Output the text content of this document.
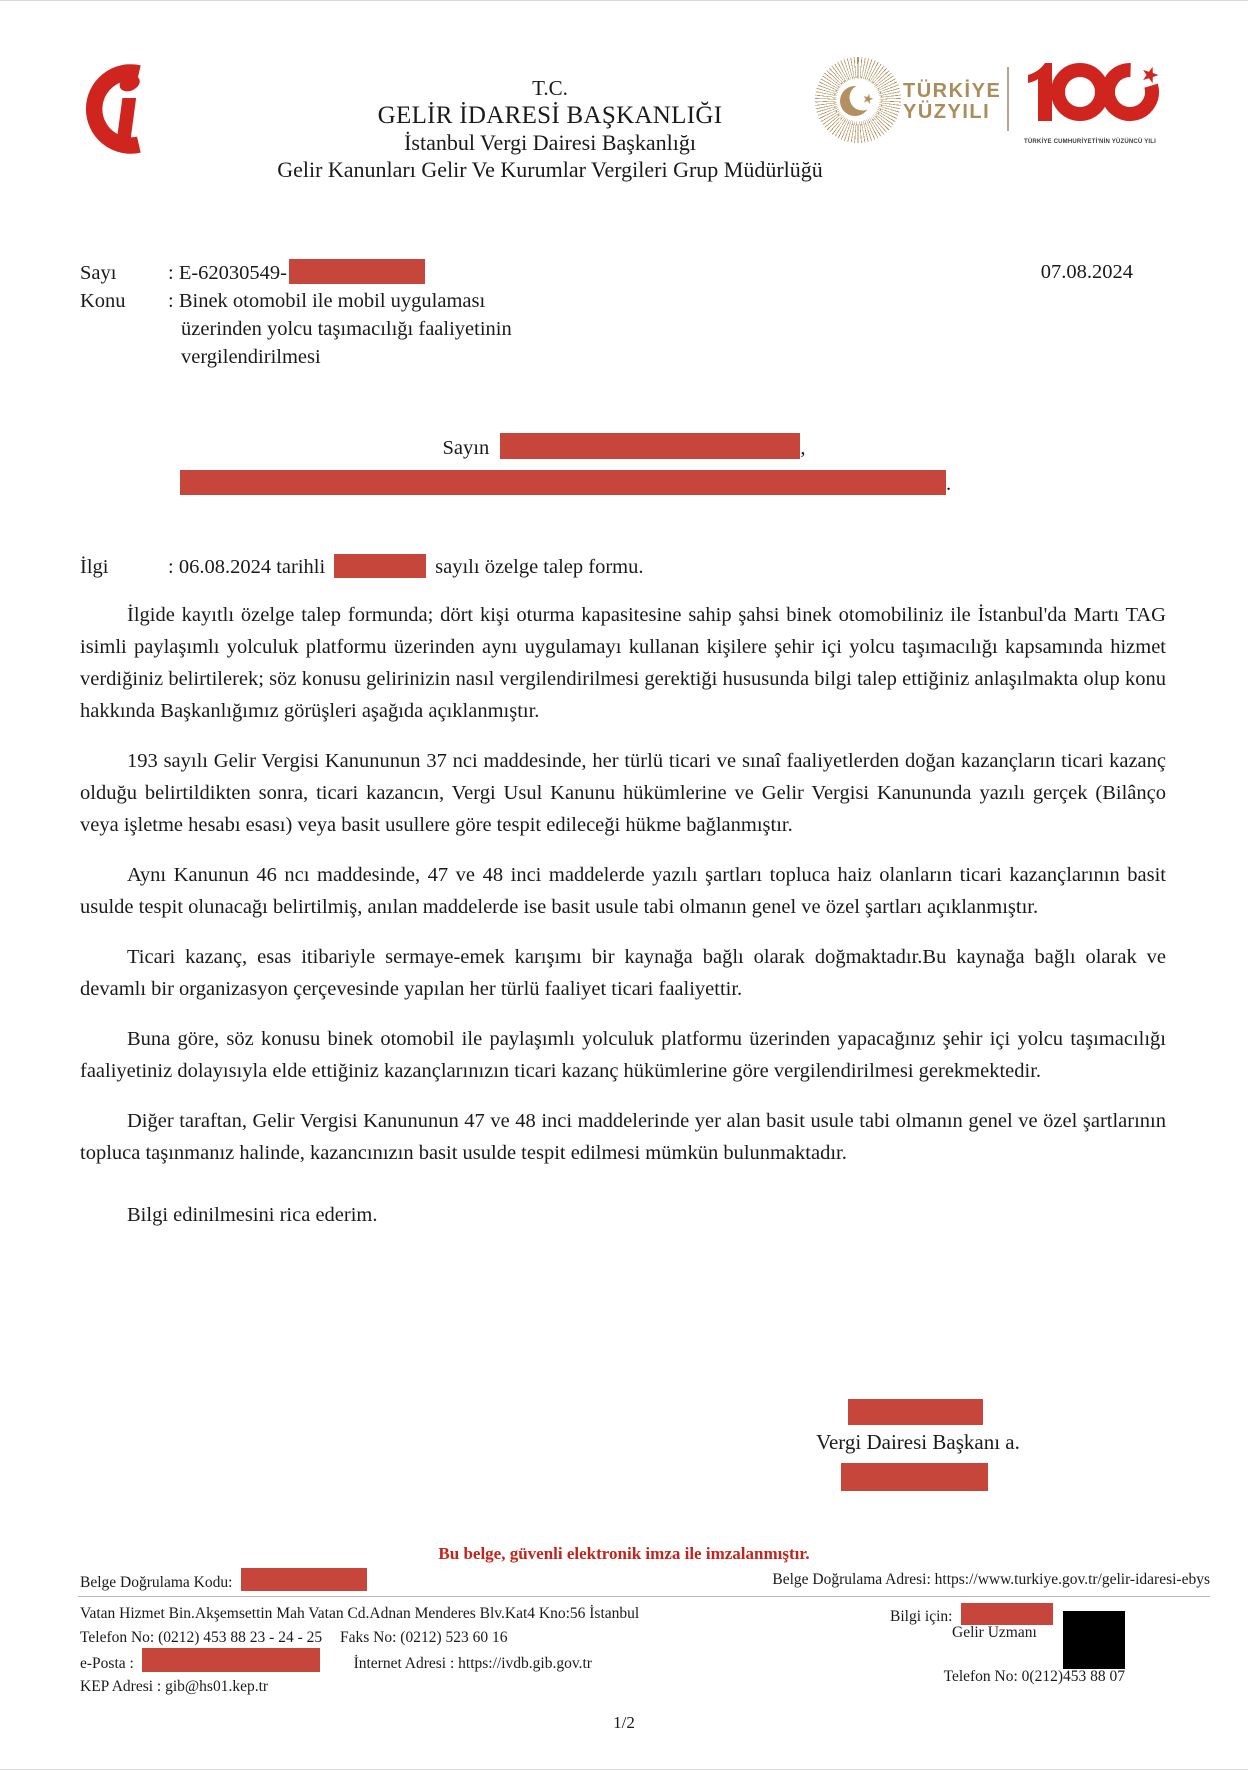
T.C.
GELİR İDARESİ BAŞKANLIĞI
İstanbul Vergi Dairesi Başkanlığı
Gelir Kanunları Gelir Ve Kurumlar Vergileri Grup Müdürlüğü
TÜRKİYE
YÜZYILI
TÜRKİYE CUMHURİYETİ'NİN YÜZÜNCÜ YILI
Sayı	: E-62030549-
Konu : Binek otomobil ile mobil uygulaması
üzerinden yolcu taşımacılığı faaliyetinin
vergilendirilmesi
07.08.2024
Sayın	,
.
İlgi	: 06.08.2024 tarihli	sayılı özelge talep formu.

İlgide kayıtlı özelge talep formunda; dört kişi oturma kapasitesine sahip şahsi binek otomobiliniz ile İstanbul'da Martı TAG isimli paylaşımlı yolculuk platformu üzerinden aynı uygulamayı kullanan kişilere şehir içi yolcu taşımacılığı kapsamında hizmet verdiğiniz belirtilerek; söz konusu gelirinizin nasıl vergilendirilmesi gerektiği hususunda bilgi talep ettiğiniz anlaşılmakta olup konu hakkında Başkanlığımız görüşleri aşağıda açıklanmıştır.

193 sayılı Gelir Vergisi Kanununun 37 nci maddesinde, her türlü ticari ve sınaî faaliyetlerden doğan kazançların ticari kazanç olduğu belirtildikten sonra, ticari kazancın, Vergi Usul Kanunu hükümlerine ve Gelir Vergisi Kanununda yazılı gerçek (Bilânço veya işletme hesabı esası) veya basit usullere göre tespit edileceği hükme bağlanmıştır.

Aynı Kanunun 46 ncı maddesinde, 47 ve 48 inci maddelerde yazılı şartları topluca haiz olanların ticari kazançlarının basit usulde tespit olunacağı belirtilmiş, anılan maddelerde ise basit usule tabi olmanın genel ve özel şartları açıklanmıştır.

Ticari kazanç, esas itibariyle sermaye-emek karışımı bir kaynağa bağlı olarak doğmaktadır.Bu kaynağa bağlı olarak ve devamlı bir organizasyon çerçevesinde yapılan her türlü faaliyet ticari faaliyettir.

Buna göre, söz konusu binek otomobil ile paylaşımlı yolculuk platformu üzerinden yapacağınız şehir içi yolcu taşımacılığı faaliyetiniz dolayısıyla elde ettiğiniz kazançlarınızın ticari kazanç hükümlerine göre vergilendirilmesi gerekmektedir.

Diğer taraftan, Gelir Vergisi Kanununun 47 ve 48 inci maddelerinde yer alan basit usule tabi olmanın genel ve özel şartlarının topluca taşınmanız halinde, kazancınızın basit usulde tespit edilmesi mümkün bulunmaktadır.

Bilgi edinilmesini rica ederim.

Vergi Dairesi Başkanı a.
Bu belge, güvenli elektronik imza ile imzalanmıştır.
Belge Doğrulama Kodu:	Belge Doğrulama Adresi: https://www.turkiye.gov.tr/gelir-idaresi-ebys
Vatan Hizmet Bin.Akşemsettin Mah Vatan Cd.Adnan Menderes Blv.Kat4 Kno:56 İstanbul	Bilgi için:
Telefon No: (0212) 453 88 23 - 24 - 25 Faks No: (0212) 523 60 16	Gelir Uzmanı
e-Posta :	İnternet Adresi : https://ivdb.gib.gov.tr
KEP Adresi : gib@hs01.kep.tr
Telefon No: 0(212)453 88 07
1/2
